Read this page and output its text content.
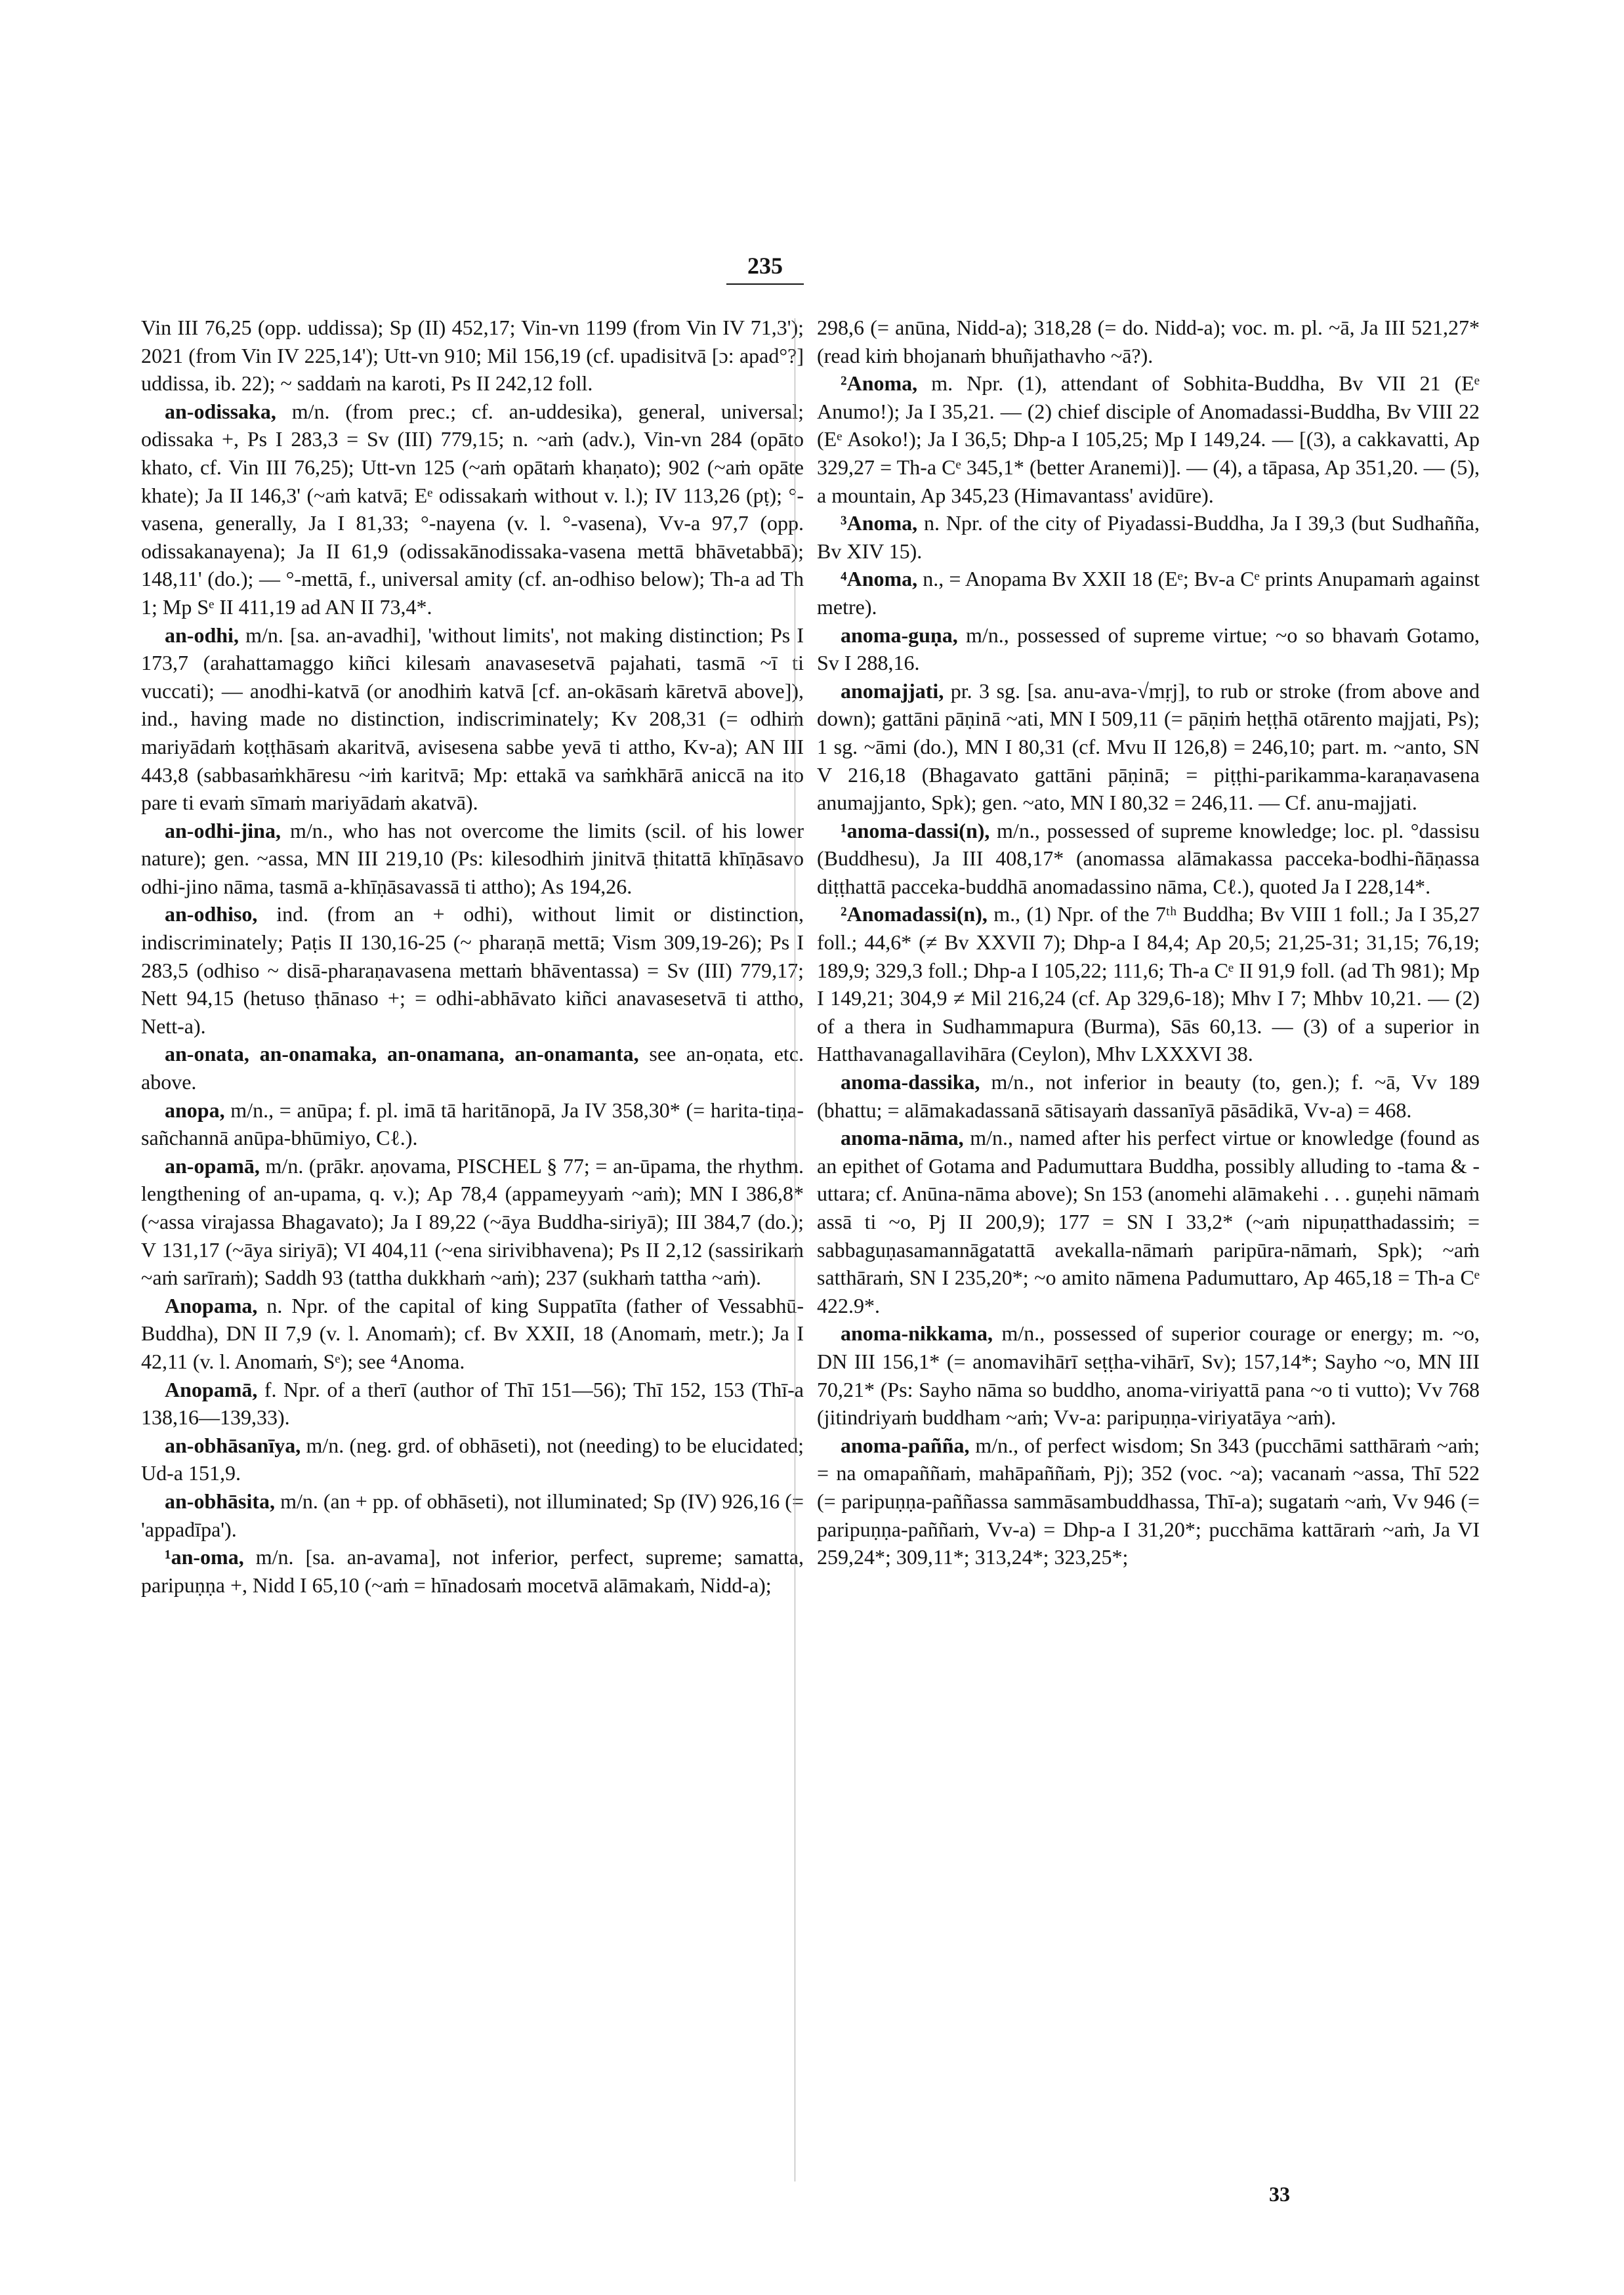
235

Vin III 76,25 (opp. uddissa); Sp (II) 452,17; Vin-vn 1199 (from Vin IV 71,3'); 2021 (from Vin IV 225,14'); Utt-vn 910; Mil 156,19 (cf. upadisitvā [ɔ: apad°?] uddissa, ib. 22); ~ saddaṁ na karoti, Ps II 242,12 foll.

an-odissaka, m/n. (from prec.; cf. an-uddesika), general, universal; odissaka +, Ps I 283,3 = Sv (III) 779,15; n. ~aṁ (adv.), Vin-vn 284 (opāto khato, cf. Vin III 76,25); Utt-vn 125 (~aṁ opātaṁ khaṇato); 902 (~aṁ opāte khate); Ja II 146,3' (~aṁ katvā; Eᵉ odissakaṁ without v. l.); IV 113,26 (pṭ); °-vasena, generally, Ja I 81,33; °-nayena (v. l. °-vasena), Vv-a 97,7 (opp. odissakanayena); Ja II 61,9 (odissakānodissaka-vasena mettā bhāvetabbā); 148,11' (do.); — °-mettā, f., universal amity (cf. an-odhiso below); Th-a ad Th 1; Mp Sᵉ II 411,19 ad AN II 73,4*.

an-odhi, m/n. [sa. an-avadhi], 'without limits', not making distinction; Ps I 173,7 (arahattamaggo kiñci kilesaṁ anavasesetvā pajahati, tasmā ~ī ti vuccati); — anodhi-katvā (or anodhiṁ katvā [cf. an-okāsaṁ kāretvā above]), ind., having made no distinction, indiscriminately; Kv 208,31 (= odhiṁ mariyādaṁ koṭṭhāsaṁ akaritvā, avisesena sabbe yevā ti attho, Kv-a); AN III 443,8 (sabbasaṁkhāresu ~iṁ karitvā; Mp: ettakā va saṁkhārā aniccā na ito pare ti evaṁ sīmaṁ mariyādaṁ akatvā).

an-odhi-jina, m/n., who has not overcome the limits (scil. of his lower nature); gen. ~assa, MN III 219,10 (Ps: kilesodhiṁ jinitvā ṭhitattā khīṇāsavo odhi-jino nāma, tasmā a-khīṇāsavassā ti attho); As 194,26.

an-odhiso, ind. (from an + odhi), without limit or distinction, indiscriminately; Paṭis II 130,16-25 (~ pharaṇā mettā; Vism 309,19-26); Ps I 283,5 (odhiso ~ disā-pharaṇavasena mettaṁ bhāventassa) = Sv (III) 779,17; Nett 94,15 (hetuso ṭhānaso +; = odhi-abhāvato kiñci anavasesetvā ti attho, Nett-a).

an-onata, an-onamaka, an-onamana, an-onamanta, see an-oṇata, etc. above.

anopa, m/n., = anūpa; f. pl. imā tā haritānopā, Ja IV 358,30* (= harita-tiṇa-sañchannā anūpa-bhūmiyo, Cℓ.).

an-opamā, m/n. (prākr. aṇovama, PISCHEL § 77; = an-ūpama, the rhythm. lengthening of an-upama, q. v.); Ap 78,4 (appameyyaṁ ~aṁ); MN I 386,8* (~assa virajassa Bhagavato); Ja I 89,22 (~āya Buddha-siriyā); III 384,7 (do.); V 131,17 (~āya siriyā); VI 404,11 (~ena sirivibhavena); Ps II 2,12 (sassirikaṁ ~aṁ sarīraṁ); Saddh 93 (tattha dukkhaṁ ~aṁ); 237 (sukhaṁ tattha ~aṁ).

Anopama, n. Npr. of the capital of king Suppatīta (father of Vessabhū-Buddha), DN II 7,9 (v. l. Anomaṁ); cf. Bv XXII, 18 (Anomaṁ, metr.); Ja I 42,11 (v. l. Anomaṁ, Sᵉ); see ⁴Anoma.

Anopamā, f. Npr. of a therī (author of Thī 151—56); Thī 152, 153 (Thī-a 138,16—139,33).

an-obhāsanīya, m/n. (neg. grd. of obhāseti), not (needing) to be elucidated; Ud-a 151,9.

an-obhāsita, m/n. (an + pp. of obhāseti), not illuminated; Sp (IV) 926,16 (= 'appadīpa').

¹an-oma, m/n. [sa. an-avama], not inferior, perfect, supreme; samatta, paripuṇṇa +, Nidd I 65,10 (~aṁ = hīnadosaṁ mocetvā alāmakaṁ, Nidd-a);

298,6 (= anūna, Nidd-a); 318,28 (= do. Nidd-a); voc. m. pl. ~ā, Ja III 521,27* (read kiṁ bhojanaṁ bhuñjathavho ~ā?).

²Anoma, m. Npr. (1), attendant of Sobhita-Buddha, Bv VII 21 (Eᵉ Anumo!); Ja I 35,21. — (2) chief disciple of Anomadassi-Buddha, Bv VIII 22 (Eᵉ Asoko!); Ja I 36,5; Dhp-a I 105,25; Mp I 149,24. — [(3), a cakkavatti, Ap 329,27 = Th-a Cᵉ 345,1* (better Aranemi)]. — (4), a tāpasa, Ap 351,20. — (5), a mountain, Ap 345,23 (Himavantass' avidūre).

³Anoma, n. Npr. of the city of Piyadassi-Buddha, Ja I 39,3 (but Sudhañña, Bv XIV 15).

⁴Anoma, n., = Anopama Bv XXII 18 (Eᵉ; Bv-a Cᵉ prints Anupamaṁ against metre).

anoma-guṇa, m/n., possessed of supreme virtue; ~o so bhavaṁ Gotamo, Sv I 288,16.

anomajjati, pr. 3 sg. [sa. anu-ava-√mṛj], to rub or stroke (from above and down); gattāni pāṇinā ~ati, MN I 509,11 (= pāṇiṁ heṭṭhā otārento majjati, Ps); 1 sg. ~āmi (do.), MN I 80,31 (cf. Mvu II 126,8) = 246,10; part. m. ~anto, SN V 216,18 (Bhagavato gattāni pāṇinā; = piṭṭhi-parikamma-karaṇavasena anumajjanto, Spk); gen. ~ato, MN I 80,32 = 246,11. — Cf. anu-majjati.

¹anoma-dassi(n), m/n., possessed of supreme knowledge; loc. pl. °dassisu (Buddhesu), Ja III 408,17* (anomassa alāmakassa pacceka-bodhi-ñāṇassa diṭṭhattā pacceka-buddhā anomadassino nāma, Cℓ.), quoted Ja I 228,14*.

²Anomadassi(n), m., (1) Npr. of the 7ᵗʰ Buddha; Bv VIII 1 foll.; Ja I 35,27 foll.; 44,6* (≠ Bv XXVII 7); Dhp-a I 84,4; Ap 20,5; 21,25-31; 31,15; 76,19; 189,9; 329,3 foll.; Dhp-a I 105,22; 111,6; Th-a Cᵉ II 91,9 foll. (ad Th 981); Mp I 149,21; 304,9 ≠ Mil 216,24 (cf. Ap 329,6-18); Mhv I 7; Mhbv 10,21. — (2) of a thera in Sudhammapura (Burma), Sās 60,13. — (3) of a superior in Hatthavanagallavihāra (Ceylon), Mhv LXXXVI 38.

anoma-dassika, m/n., not inferior in beauty (to, gen.); f. ~ā, Vv 189 (bhattu; = alāmakadassanā sātisayaṁ dassanīyā pāsādikā, Vv-a) = 468.

anoma-nāma, m/n., named after his perfect virtue or knowledge (found as an epithet of Gotama and Padumuttara Buddha, possibly alluding to -tama & -uttara; cf. Anūna-nāma above); Sn 153 (anomehi alāmakehi . . . guṇehi nāmaṁ assā ti ~o, Pj II 200,9); 177 = SN I 33,2* (~aṁ nipuṇatthadassiṁ; = sabbaguṇasamannāgatattā avekalla-nāmaṁ paripūra-nāmaṁ, Spk); ~aṁ satthāraṁ, SN I 235,20*; ~o amito nāmena Padumuttaro, Ap 465,18 = Th-a Cᵉ 422.9*.

anoma-nikkama, m/n., possessed of superior courage or energy; m. ~o, DN III 156,1* (= anomavihārī seṭṭha-vihārī, Sv); 157,14*; Sayho ~o, MN III 70,21* (Ps: Sayho nāma so buddho, anoma-viriyattā pana ~o ti vutto); Vv 768 (jitindriyaṁ buddham ~aṁ; Vv-a: paripuṇṇa-viriyatāya ~aṁ).

anoma-pañña, m/n., of perfect wisdom; Sn 343 (pucchāmi satthāraṁ ~aṁ; = na omapaññaṁ, mahāpaññaṁ, Pj); 352 (voc. ~a); vacanaṁ ~assa, Thī 522 (= paripuṇṇa-paññassa sammāsambuddhassa, Thī-a); sugataṁ ~aṁ, Vv 946 (= paripuṇṇa-paññaṁ, Vv-a) = Dhp-a I 31,20*; pucchāma kattāraṁ ~aṁ, Ja VI 259,24*; 309,11*; 313,24*; 323,25*;

33
